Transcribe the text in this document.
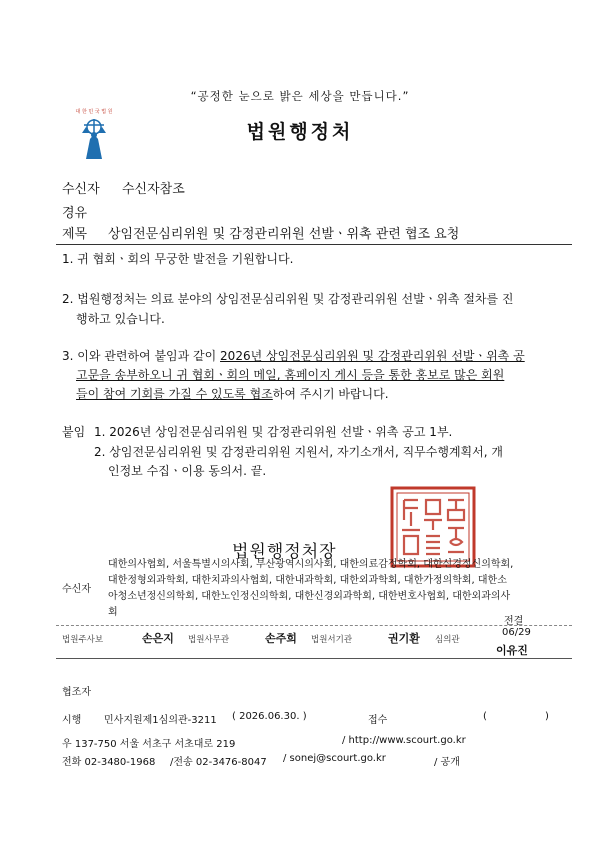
“공정한 눈으로 밝은 세상을 만듭니다.”
대 한 민 국 법 원
법원행정처
수신자 수신자참조
경유
제목 상임전문심리위원 및 감정관리위원 선발ㆍ위촉 관련 협조 요청
1. 귀 협회ㆍ회의 무궁한 발전을 기원합니다.
2. 법원행정처는 의료 분야의 상임전문심리위원 및 감정관리위원 선발ㆍ위촉 절차를 진
행하고 있습니다.
3. 이와 관련하여 붙임과 같이 2026년 상임전문심리위원 및 감정관리위원 선발ㆍ위촉 공
고문을 송부하오니 귀 협회ㆍ회의 메일, 홈페이지 게시 등을 통한 홍보로 많은 회원
들이 참여 기회를 가질 수 있도록 협조하여 주시기 바랍니다.
붙임 1. 2026년 상임전문심리위원 및 감정관리위원 선발ㆍ위촉 공고 1부.
2. 상임전문심리위원 및 감정관리위원 지원서, 자기소개서, 직무수행계획서, 개
인정보 수집ㆍ이용 동의서. 끝.
법원행정처장
수신자
대한의사협회, 서울특별시의사회, 부산광역시의사회, 대한의료감정학회, 대한신경정신의학회,
대한정형외과학회, 대한치과의사협회, 대한내과학회, 대한외과학회, 대한가정의학회, 대한소
아청소년정신의학회, 대한노인정신의학회, 대한신경외과학회, 대한변호사협회, 대한외과의사
회
법원주사보	손은지 법원사무관	손주희 법원서기관	권기환 심의관
전결
06/29
이유진
협조자
시행 민사지원제1심의관-3211 ( 2026.06.30. )	접수	(	)
우 137-750 서울 서초구 서초대로 219	/ http://www.scourt.go.kr
전화 02-3480-1968 /전송 02-3476-8047 / sonej@scourt.go.kr	/ 공개
